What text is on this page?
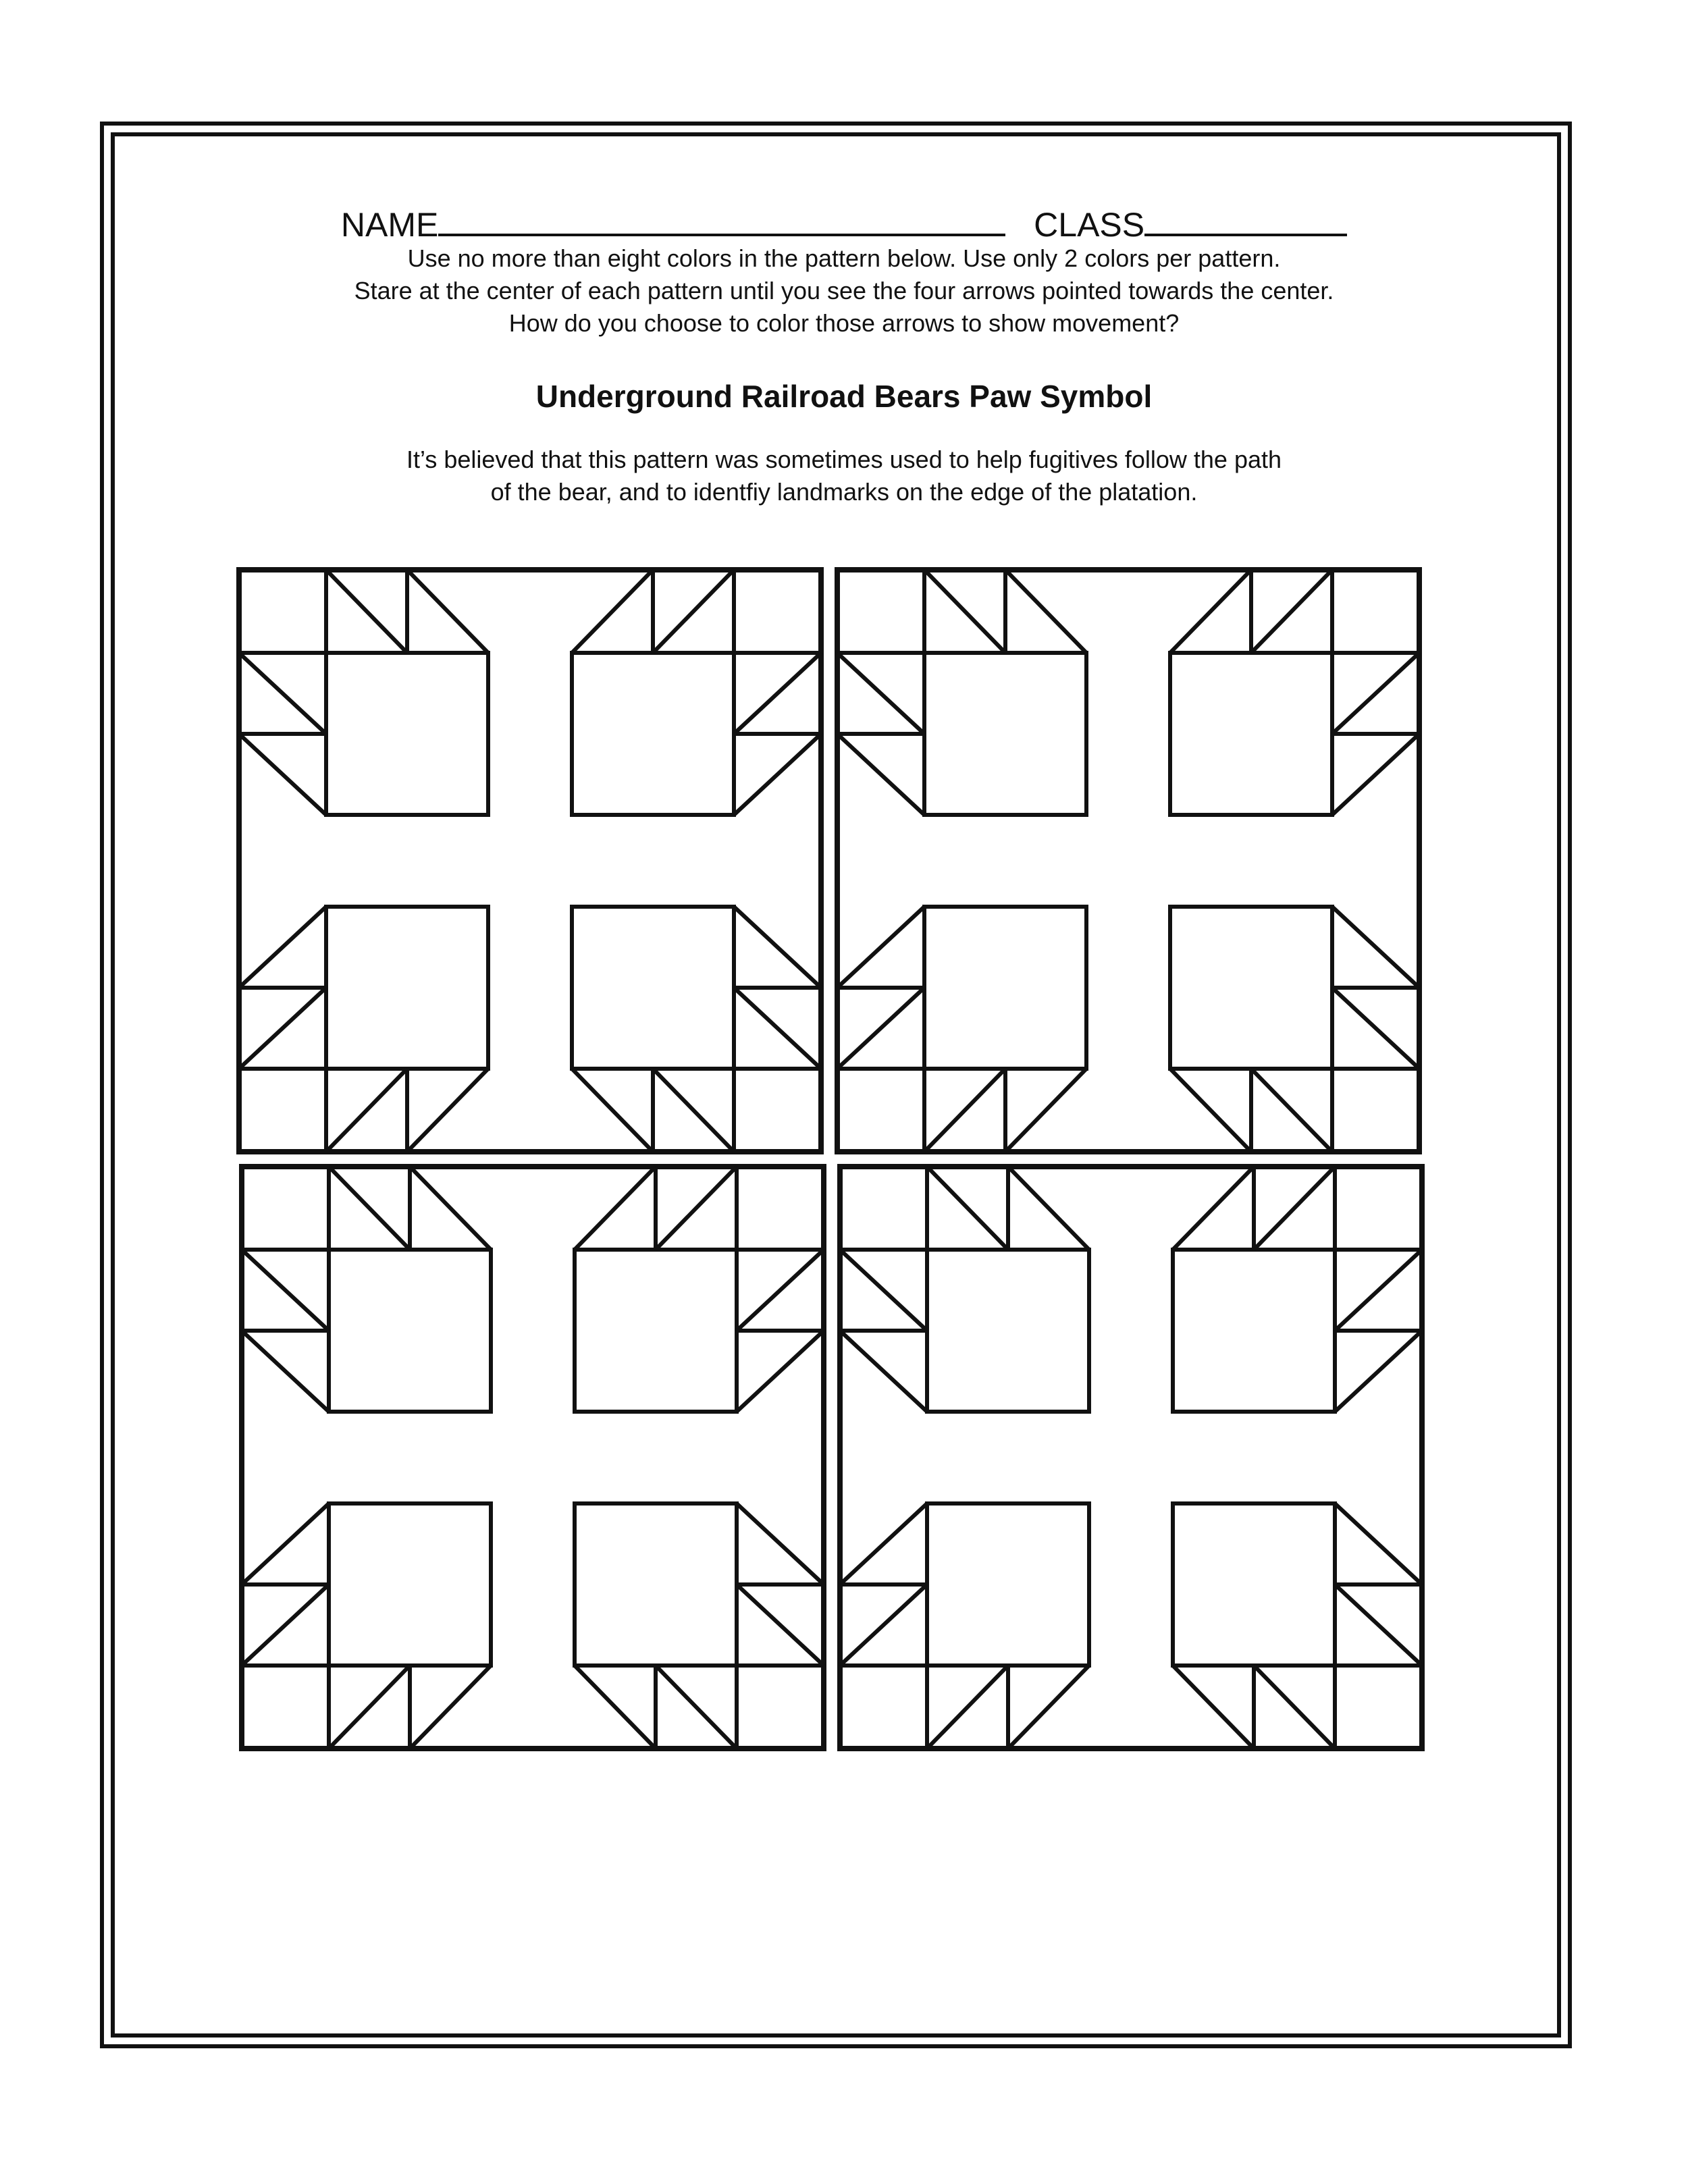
NAME	CLASS
Use no more than eight colors in the pattern below. Use only 2 colors per pattern.
Stare at the center of each pattern until you see the four arrows pointed towards the center.
How do you choose to color those arrows to show movement?
Underground Railroad Bears Paw Symbol
It’s believed that this pattern was sometimes used to help fugitives follow the path
of the bear, and to identfiy landmarks on the edge of the platation.
